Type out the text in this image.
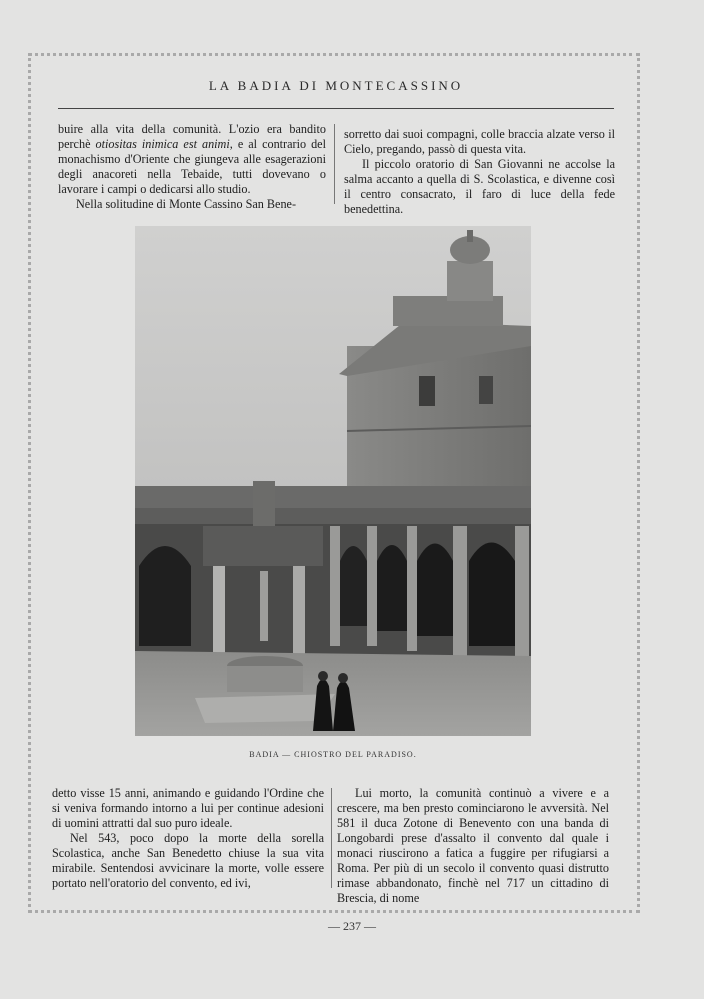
LA BADIA DI MONTECASSINO

buire alla vita della comunità. L'ozio era bandito perchè otiositas inimica est animi, e al contrario del monachismo d'Oriente che giungeva alle esagerazioni degli anacoreti nella Tebaide, tutti dovevano o lavorare i campi o dedicarsi allo studio.

Nella solitudine di Monte Cassino San Bene-

sorretto dai suoi compagni, colle braccia alzate verso il Cielo, pregando, passò di questa vita.

Il piccolo oratorio di San Giovanni ne accolse la salma accanto a quella di S. Scolastica, e divenne così il centro consacrato, il faro di luce della fede benedettina.

BADIA — CHIOSTRO DEL PARADISO.

detto visse 15 anni, animando e guidando l'Ordine che si veniva formando intorno a lui per continue adesioni di uomini attratti dal suo puro ideale.

Nel 543, poco dopo la morte della sorella Scolastica, anche San Benedetto chiuse la sua vita mirabile. Sentendosi avvicinare la morte, volle essere portato nell'oratorio del convento, ed ivi,

Lui morto, la comunità continuò a vivere e a crescere, ma ben presto cominciarono le avversità. Nel 581 il duca Zotone di Benevento con una banda di Longobardi prese d'assalto il convento dal quale i monaci riuscirono a fatica a fuggire per rifugiarsi a Roma. Per più di un secolo il convento quasi distrutto rimase abbandonato, finchè nel 717 un cittadino di Brescia, di nome

— 237 —
